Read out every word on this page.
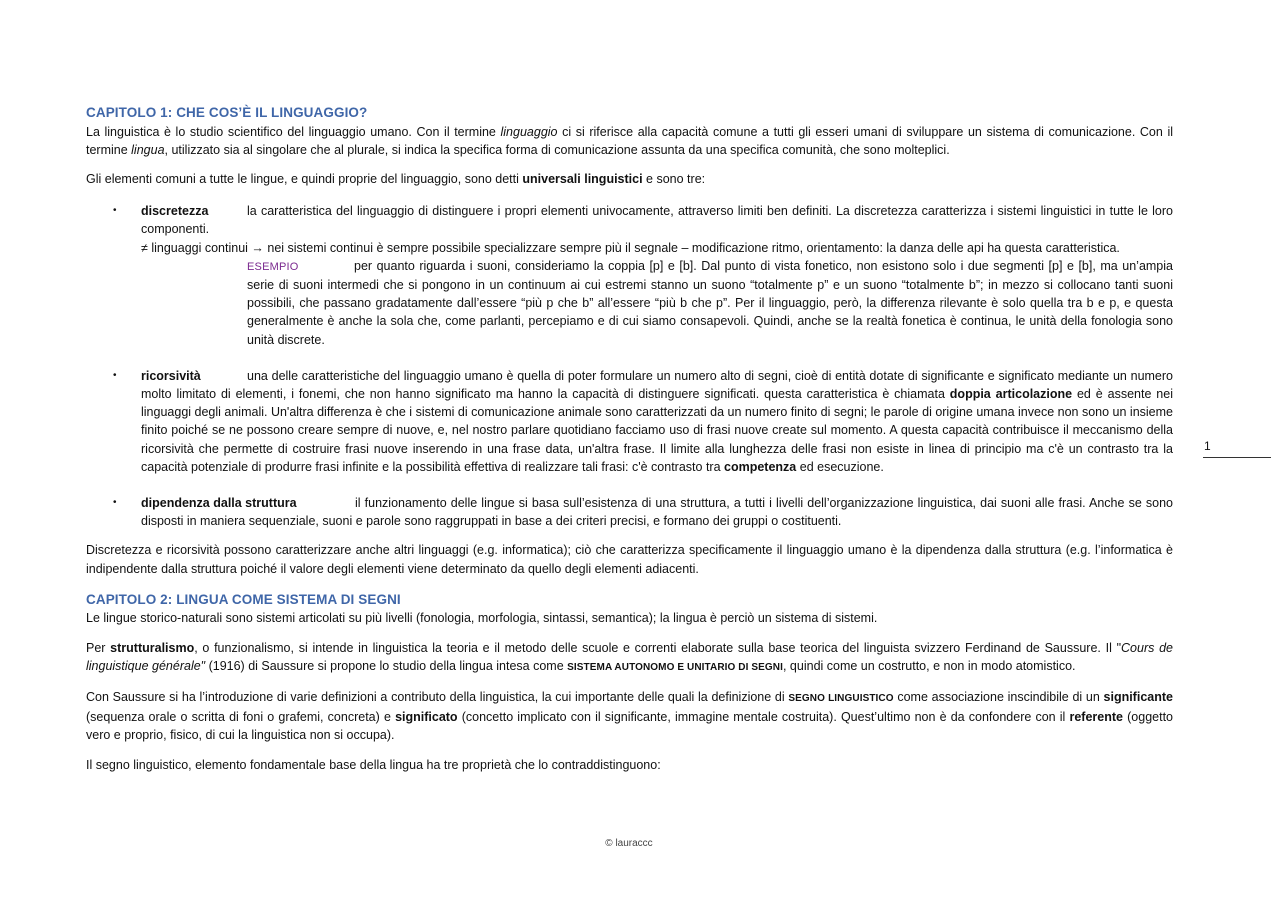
CAPITOLO 1: CHE COS’È IL LINGUAGGIO?

La linguistica è lo studio scientifico del linguaggio umano. Con il termine linguaggio ci si riferisce alla capacità comune a tutti gli esseri umani di sviluppare un sistema di comunicazione. Con il termine lingua, utilizzato sia al singolare che al plurale, si indica la specifica forma di comunicazione assunta da una specifica comunità, che sono molteplici.

Gli elementi comuni a tutte le lingue, e quindi proprie del linguaggio, sono detti universali linguistici e sono tre:

• discretezza	la caratteristica del linguaggio di distinguere i propri elementi univocamente, attraverso limiti ben definiti. La discretezza caratterizza i sistemi linguistici in tutte le loro componenti.

≠ linguaggi continui → nei sistemi continui è sempre possibile specializzare sempre più il segnale – modificazione ritmo, orientamento: la danza delle api ha questa caratteristica.

ESEMPIO	per quanto riguarda i suoni, consideriamo la coppia [p] e [b]. Dal punto di vista fonetico, non esistono solo i due segmenti [p] e [b], ma un’ampia serie di suoni intermedi che si pongono in un continuum ai cui estremi stanno un suono “totalmente p” e un suono “totalmente b”; in mezzo si collocano tanti suoni possibili, che passano gradatamente dall’essere “più p che b” all’essere “più b che p”. Per il linguaggio, però, la differenza rilevante è solo quella tra b e p, e questa generalmente è anche la sola che, come parlanti, percepiamo e di cui siamo consapevoli. Quindi, anche se la realtà fonetica è continua, le unità della fonologia sono unità discrete.

• ricorsività	una delle caratteristiche del linguaggio umano è quella di poter formulare un numero alto di segni, cioè di entità dotate di significante e significato mediante un numero molto limitato di elementi, i fonemi, che non hanno significato ma hanno la capacità di distinguere significati. questa caratteristica è chiamata doppia articolazione ed è assente nei linguaggi degli animali. Un'altra differenza è che i sistemi di comunicazione animale sono caratterizzati da un numero finito di segni; le parole di origine umana invece non sono un insieme finito poiché se ne possono creare sempre di nuove, e, nel nostro parlare quotidiano facciamo uso di frasi nuove create sul momento. A questa capacità contribuisce il meccanismo della ricorsività che permette di costruire frasi nuove inserendo in una frase data, un'altra frase. Il limite alla lunghezza delle frasi non esiste in linea di principio ma c'è un contrasto tra la capacità potenziale di produrre frasi infinite e la possibilità effettiva di realizzare tali frasi: c'è contrasto tra competenza ed esecuzione.

• dipendenza dalla struttura	il funzionamento delle lingue si basa sull’esistenza di una struttura, a tutti i livelli dell’organizzazione linguistica, dai suoni alle frasi. Anche se sono disposti in maniera sequenziale, suoni e parole sono raggruppati in base a dei criteri precisi, e formano dei gruppi o costituenti.

Discretezza e ricorsività possono caratterizzare anche altri linguaggi (e.g. informatica); ciò che caratterizza specificamente il linguaggio umano è la dipendenza dalla struttura (e.g. l’informatica è indipendente dalla struttura poiché il valore degli elementi viene determinato da quello degli elementi adiacenti.

CAPITOLO 2: LINGUA COME SISTEMA DI SEGNI

Le lingue storico-naturali sono sistemi articolati su più livelli (fonologia, morfologia, sintassi, semantica); la lingua è perciò un sistema di sistemi.

Per strutturalismo, o funzionalismo, si intende in linguistica la teoria e il metodo delle scuole e correnti elaborate sulla base teorica del linguista svizzero Ferdinand de Saussure. Il "Cours de linguistique générale" (1916) di Saussure si propone lo studio della lingua intesa come SISTEMA AUTONOMO E UNITARIO DI SEGNI, quindi come un costrutto, e non in modo atomistico.

Con Saussure si ha l’introduzione di varie definizioni a contributo della linguistica, la cui importante delle quali la definizione di SEGNO LINGUISTICO come associazione inscindibile di un significante (sequenza orale o scritta di foni o grafemi, concreta) e significato (concetto implicato con il significante, immagine mentale costruita). Quest’ultimo non è da confondere con il referente (oggetto vero e proprio, fisico, di cui la linguistica non si occupa).

Il segno linguistico, elemento fondamentale base della lingua ha tre proprietà che lo contraddistinguono:

1
© lauraccc
